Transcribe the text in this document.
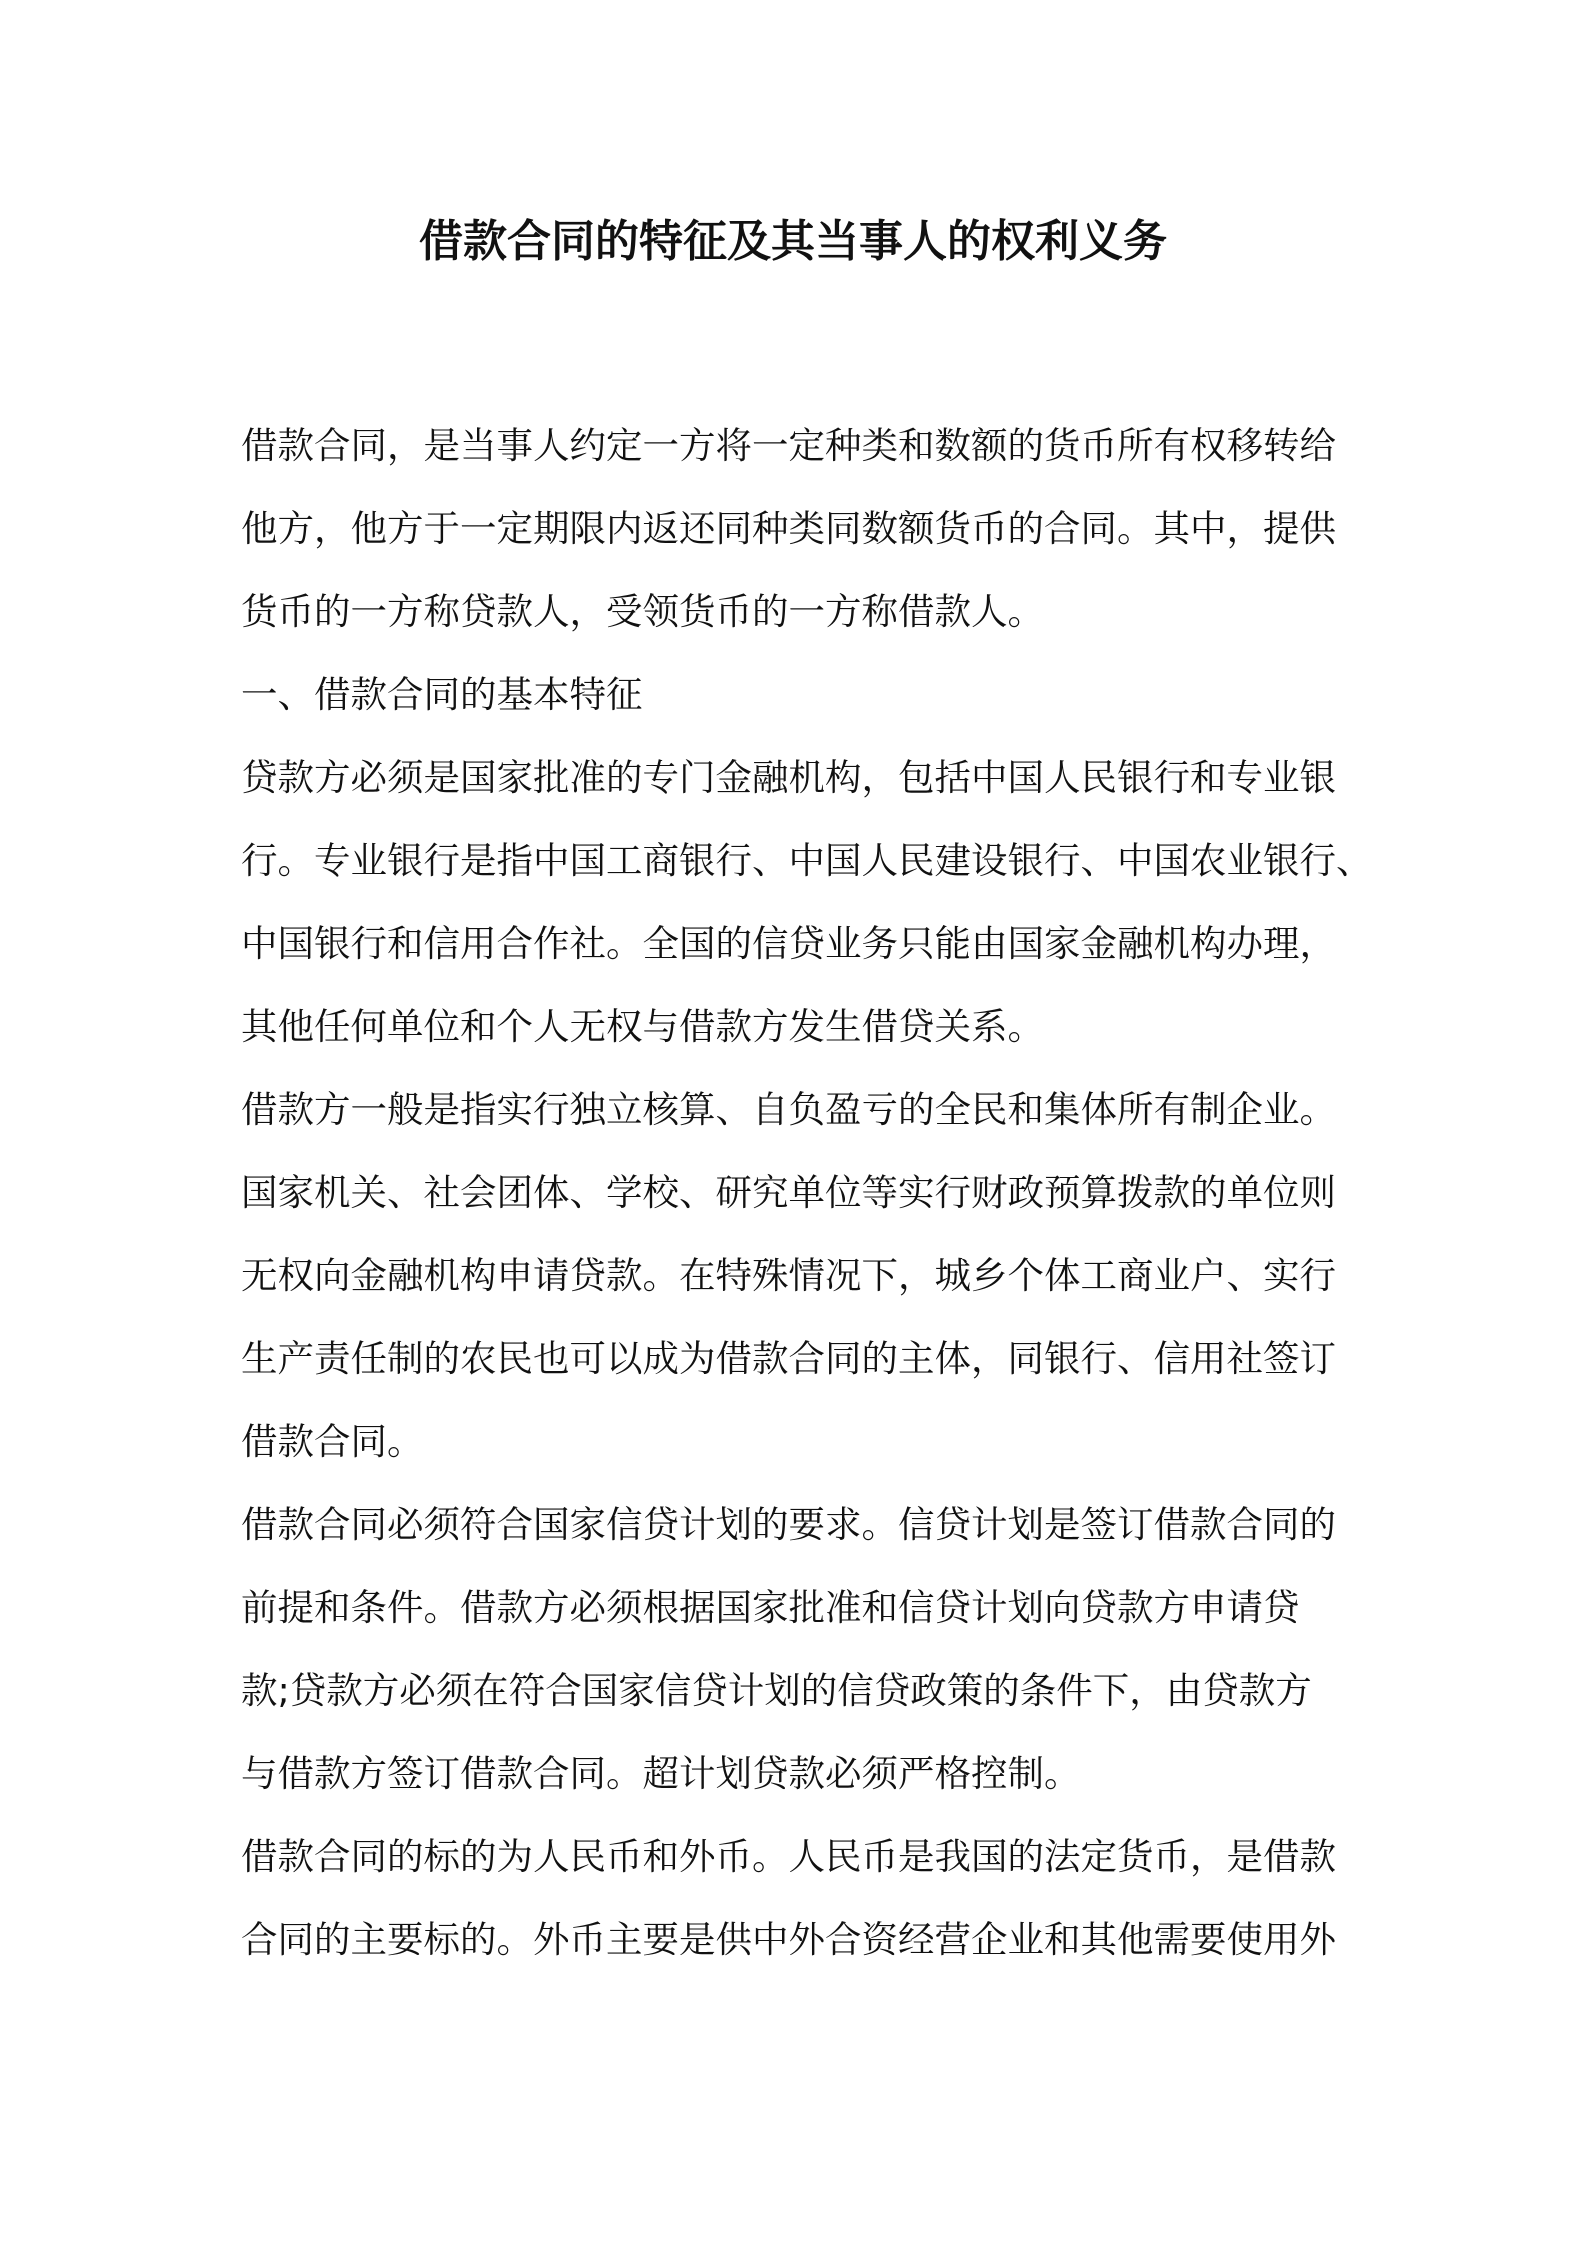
借款合同的特征及其当事人的权利义务
借款合同，是当事人约定一方将一定种类和数额的货币所有权移转给
他方，他方于一定期限内返还同种类同数额货币的合同。其中，提供
货币的一方称贷款人，受领货币的一方称借款人。
一、借款合同的基本特征
贷款方必须是国家批准的专门金融机构，包括中国人民银行和专业银
行。专业银行是指中国工商银行、中国人民建设银行、中国农业银行、
中国银行和信用合作社。全国的信贷业务只能由国家金融机构办理，
其他任何单位和个人无权与借款方发生借贷关系。
借款方一般是指实行独立核算、自负盈亏的全民和集体所有制企业。
国家机关、社会团体、学校、研究单位等实行财政预算拨款的单位则
无权向金融机构申请贷款。在特殊情况下，城乡个体工商业户、实行
生产责任制的农民也可以成为借款合同的主体，同银行、信用社签订
借款合同。
借款合同必须符合国家信贷计划的要求。信贷计划是签订借款合同的
前提和条件。借款方必须根据国家批准和信贷计划向贷款方申请贷
款;贷款方必须在符合国家信贷计划的信贷政策的条件下，由贷款方
与借款方签订借款合同。超计划贷款必须严格控制。
借款合同的标的为人民币和外币。人民币是我国的法定货币，是借款
合同的主要标的。外币主要是供中外合资经营企业和其他需要使用外
